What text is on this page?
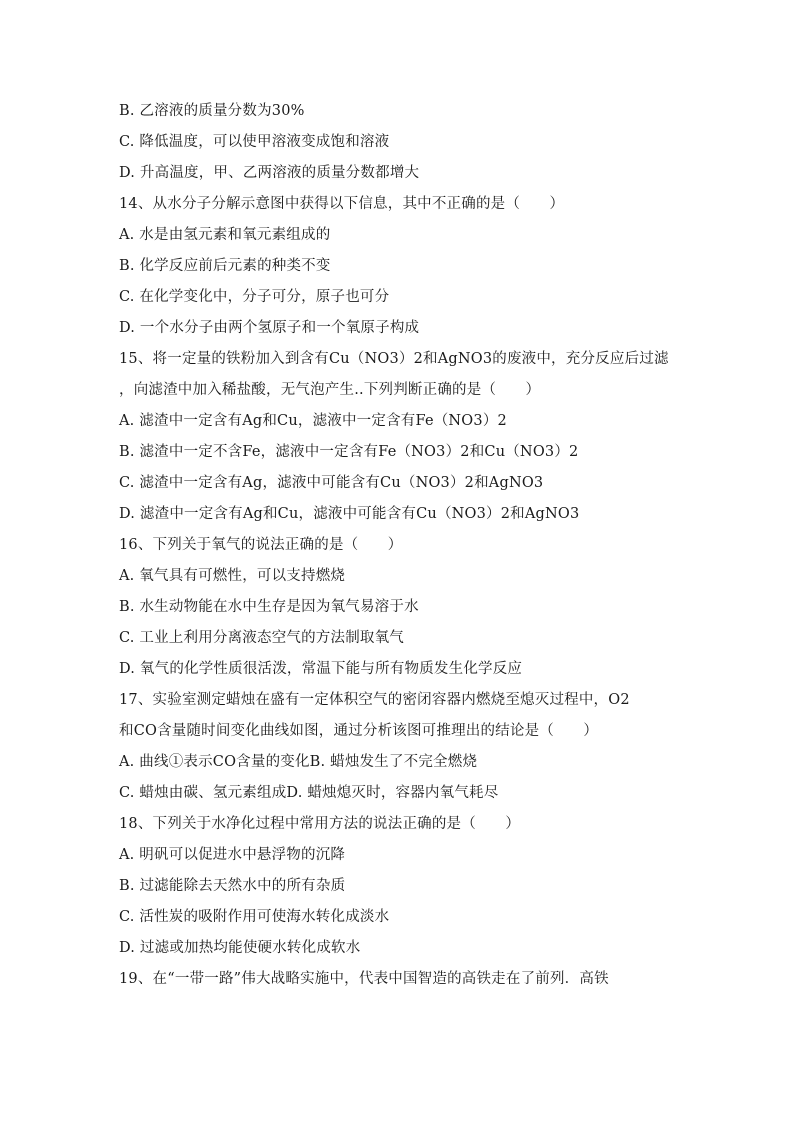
B. 乙溶液的质量分数为30%
C. 降低温度，可以使甲溶液变成饱和溶液
D. 升高温度，甲、乙两溶液的质量分数都增大
14、从水分子分解示意图中获得以下信息，其中不正确的是（　　）
A. 水是由氢元素和氧元素组成的
B. 化学反应前后元素的种类不变
C. 在化学变化中，分子可分，原子也可分
D. 一个水分子由两个氢原子和一个氧原子构成
15、将一定量的铁粉加入到含有Cu（NO3）2和AgNO3的废液中，充分反应后过滤
，向滤渣中加入稀盐酸，无气泡产生..下列判断正确的是（　　）
A. 滤渣中一定含有Ag和Cu，滤液中一定含有Fe（NO3）2
B. 滤渣中一定不含Fe，滤液中一定含有Fe（NO3）2和Cu（NO3）2
C. 滤渣中一定含有Ag，滤液中可能含有Cu（NO3）2和AgNO3
D. 滤渣中一定含有Ag和Cu，滤液中可能含有Cu（NO3）2和AgNO3
16、下列关于氧气的说法正确的是（　　）
A. 氧气具有可燃性，可以支持燃烧
B. 水生动物能在水中生存是因为氧气易溶于水
C. 工业上利用分离液态空气的方法制取氧气
D. 氧气的化学性质很活泼，常温下能与所有物质发生化学反应
17、实验室测定蜡烛在盛有一定体积空气的密闭容器内燃烧至熄灭过程中，O2
和CO含量随时间变化曲线如图，通过分析该图可推理出的结论是（　　）
A. 曲线①表示CO含量的变化B. 蜡烛发生了不完全燃烧
C. 蜡烛由碳、氢元素组成D. 蜡烛熄灭时，容器内氧气耗尽
18、下列关于水净化过程中常用方法的说法正确的是（　　）
A. 明矾可以促进水中悬浮物的沉降
B. 过滤能除去天然水中的所有杂质
C. 活性炭的吸附作用可使海水转化成淡水
D. 过滤或加热均能使硬水转化成软水
19、在“一带一路”伟大战略实施中，代表中国智造的高铁走在了前列．高铁
